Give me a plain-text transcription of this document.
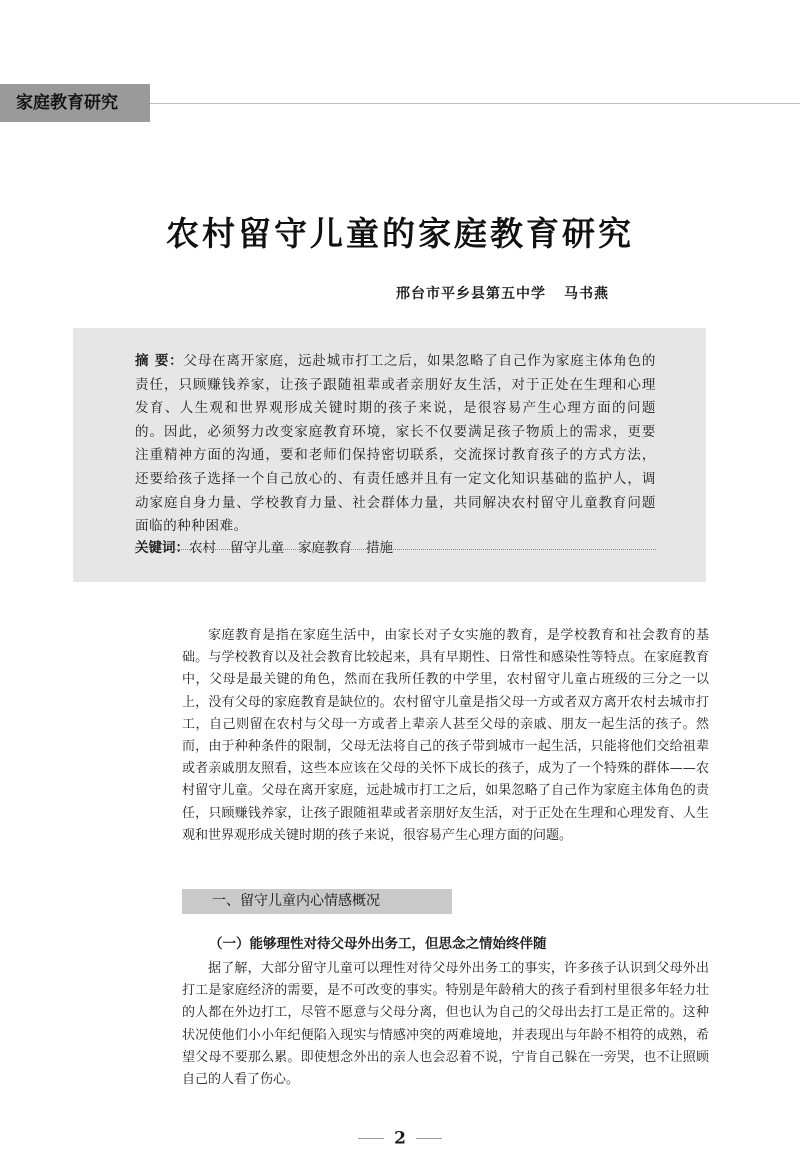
家庭教育研究
农村留守儿童的家庭教育研究
邢台市平乡县第五中学 马书燕

摘 要：父母在离开家庭，远赴城市打工之后，如果忽略了自己作为家庭主体角色的责任，只顾赚钱养家，让孩子跟随祖辈或者亲朋好友生活，对于正处在生理和心理发育、人生观和世界观形成关键时期的孩子来说，是很容易产生心理方面的问题的。因此，必须努力改变家庭教育环境，家长不仅要满足孩子物质上的需求，更要注重精神方面的沟通，要和老师们保持密切联系，交流探讨教育孩子的方式方法，还要给孩子选择一个自己放心的、有责任感并且有一定文化知识基础的监护人，调动家庭自身力量、学校教育力量、社会群体力量，共同解决农村留守儿童教育问题面临的种种困难。

关键词：农村 留守儿童 家庭教育 措施

家庭教育是指在家庭生活中，由家长对子女实施的教育，是学校教育和社会教育的基础。与学校教育以及社会教育比较起来，具有早期性、日常性和感染性等特点。在家庭教育中，父母是最关键的角色，然而在我所任教的中学里，农村留守儿童占班级的三分之一以上，没有父母的家庭教育是缺位的。农村留守儿童是指父母一方或者双方离开农村去城市打工，自己则留在农村与父母一方或者上辈亲人甚至父母的亲戚、朋友一起生活的孩子。然而，由于种种条件的限制，父母无法将自己的孩子带到城市一起生活，只能将他们交给祖辈或者亲戚朋友照看，这些本应该在父母的关怀下成长的孩子，成为了一个特殊的群体——农村留守儿童。父母在离开家庭，远赴城市打工之后，如果忽略了自己作为家庭主体角色的责任，只顾赚钱养家，让孩子跟随祖辈或者亲朋好友生活，对于正处在生理和心理发育、人生观和世界观形成关键时期的孩子来说，很容易产生心理方面的问题。

一、留守儿童内心情感概况
（一）能够理性对待父母外出务工，但思念之情始终伴随

据了解，大部分留守儿童可以理性对待父母外出务工的事实，许多孩子认识到父母外出打工是家庭经济的需要，是不可改变的事实。特别是年龄稍大的孩子看到村里很多年轻力壮的人都在外边打工，尽管不愿意与父母分离，但也认为自己的父母出去打工是正常的。这种状况使他们小小年纪便陷入现实与情感冲突的两难境地，并表现出与年龄不相符的成熟，希望父母不要那么累。即使想念外出的亲人也会忍着不说，宁肯自己躲在一旁哭，也不让照顾自己的人看了伤心。

2
